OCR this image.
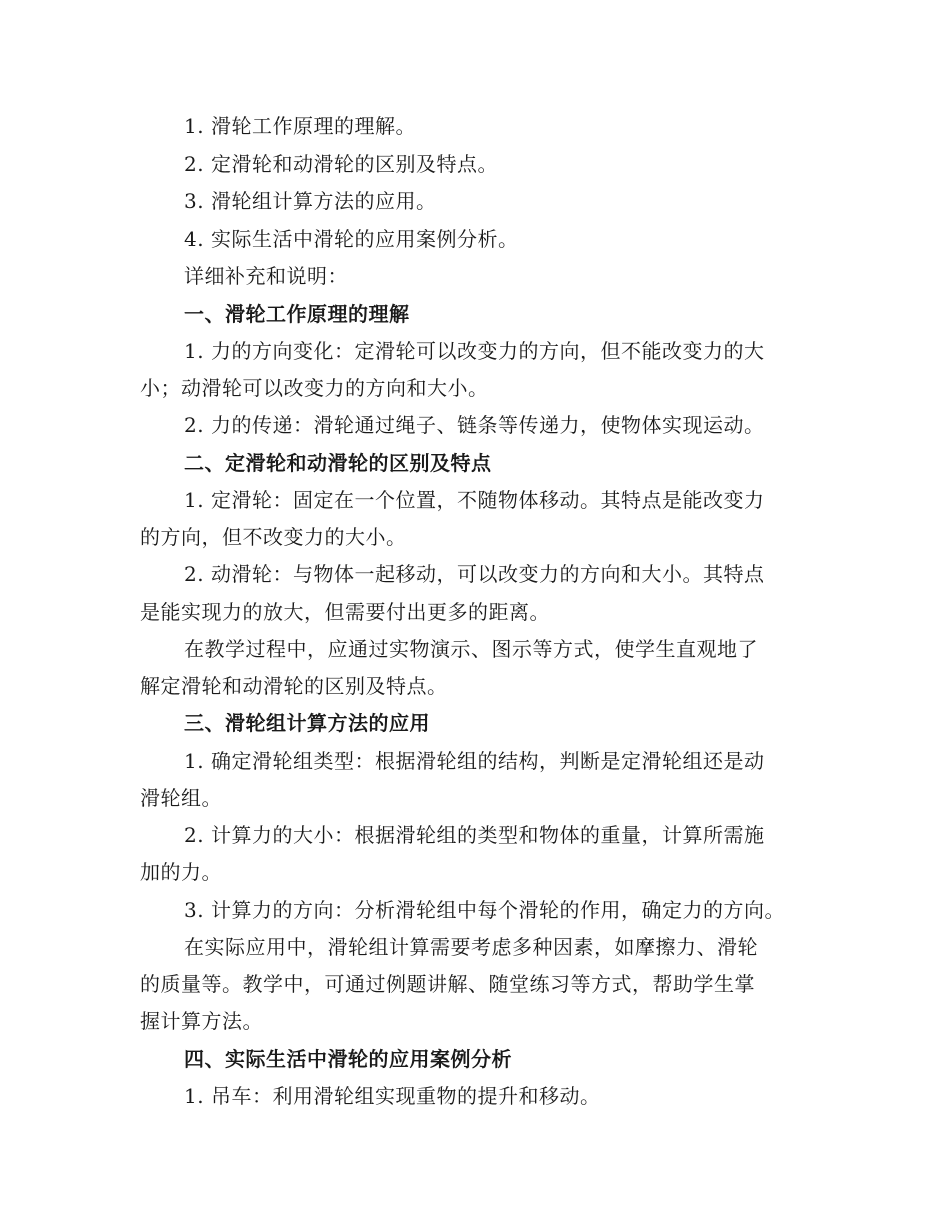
1. 滑轮工作原理的理解。
2. 定滑轮和动滑轮的区别及特点。
3. 滑轮组计算方法的应用。
4. 实际生活中滑轮的应用案例分析。
详细补充和说明：
一、滑轮工作原理的理解
1. 力的方向变化：定滑轮可以改变力的方向，但不能改变力的大
小；动滑轮可以改变力的方向和大小。
2. 力的传递：滑轮通过绳子、链条等传递力，使物体实现运动。
二、定滑轮和动滑轮的区别及特点
1. 定滑轮：固定在一个位置，不随物体移动。其特点是能改变力
的方向，但不改变力的大小。
2. 动滑轮：与物体一起移动，可以改变力的方向和大小。其特点
是能实现力的放大，但需要付出更多的距离。
在教学过程中，应通过实物演示、图示等方式，使学生直观地了
解定滑轮和动滑轮的区别及特点。
三、滑轮组计算方法的应用
1. 确定滑轮组类型：根据滑轮组的结构，判断是定滑轮组还是动
滑轮组。
2. 计算力的大小：根据滑轮组的类型和物体的重量，计算所需施
加的力。
3. 计算力的方向：分析滑轮组中每个滑轮的作用，确定力的方向。
在实际应用中，滑轮组计算需要考虑多种因素，如摩擦力、滑轮
的质量等。教学中，可通过例题讲解、随堂练习等方式，帮助学生掌
握计算方法。
四、实际生活中滑轮的应用案例分析
1. 吊车：利用滑轮组实现重物的提升和移动。
